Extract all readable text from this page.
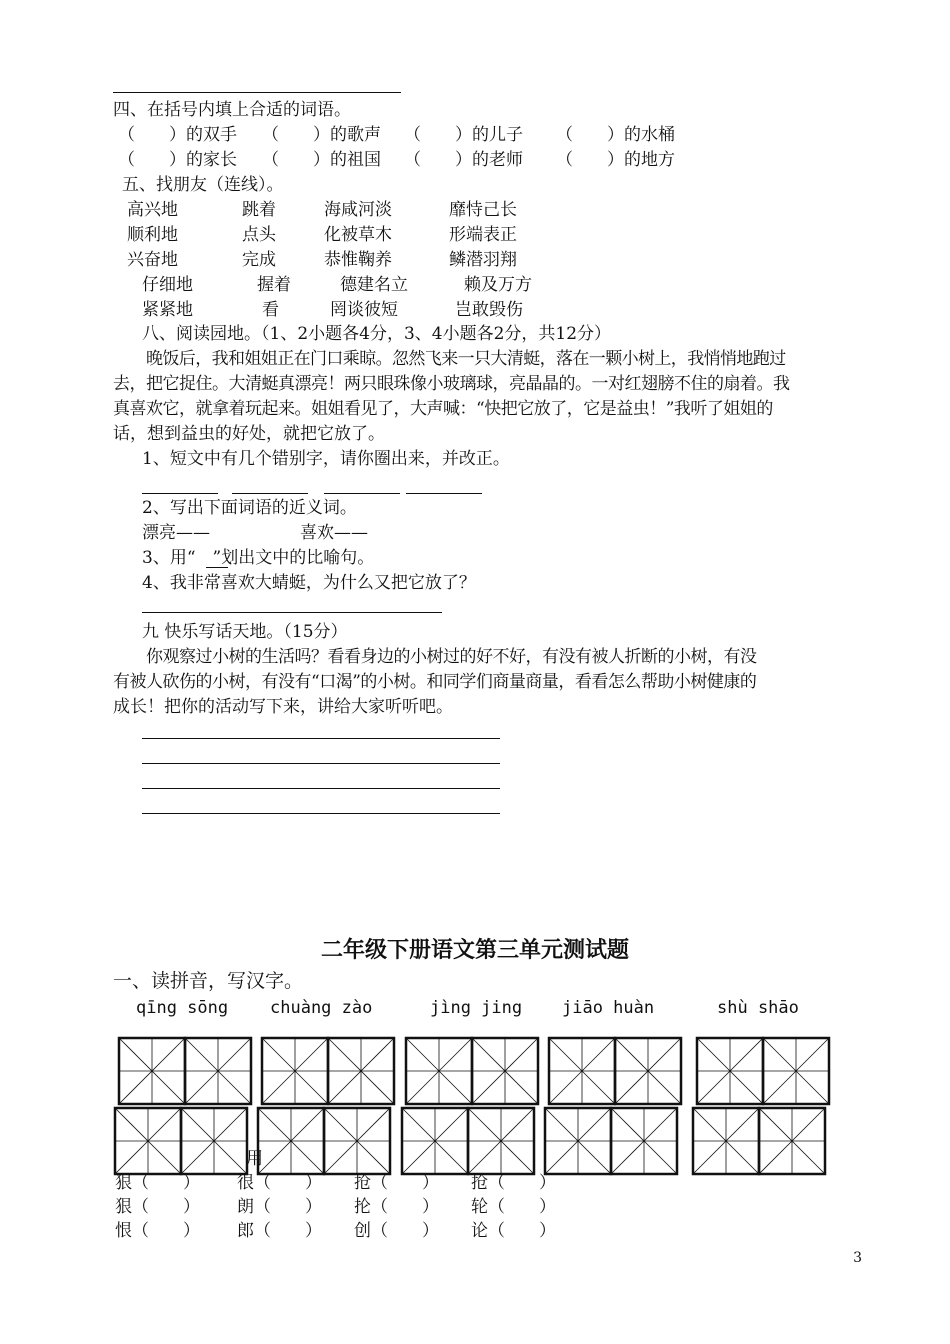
四、在括号内填上合适的词语。
（　　）的双手 （　　）的歌声 （　　）的儿子 （　　）的水桶
（　　）的家长 （　　）的祖国 （　　）的老师 （　　）的地方
五、找朋友（连线）。
高兴地	跳着	海咸河淡	靡恃己长
顺利地	点头	化被草木	形端表正
兴奋地	完成	恭惟鞠养	鳞潜羽翔
仔细地	握着	德建名立	赖及万方
紧紧地	看	罔谈彼短	岂敢毁伤
八、阅读园地。（1、2小题各4分，3、4小题各2分，共12分）
晚饭后，我和姐姐正在门口乘晾。忽然飞来一只大清蜓，落在一颗小树上，我悄悄地跑过
去，把它捉住。大清蜓真漂亮！两只眼珠像小玻璃球，亮晶晶的。一对红翅膀不住的扇着。我
真喜欢它，就拿着玩起来。姐姐看见了，大声喊：“快把它放了，它是益虫！”我听了姐姐的
话，想到益虫的好处，就把它放了。
1、短文中有几个错别字，请你圈出来，并改正。
2、写出下面词语的近义词。
漂亮——	喜欢——
3、用“　”划出文中的比喻句。
4、我非常喜欢大蜻蜓，为什么又把它放了？
九 快乐写话天地。（15分）
你观察过小树的生活吗？看看身边的小树过的好不好，有没有被人折断的小树，有没
有被人砍伤的小树，有没有“口渴”的小树。和同学们商量商量，看看怎么帮助小树健康的
成长！把你的活动写下来，讲给大家听听吧。
二年级下册语文第三单元测试题
一、读拼音，写汉字。
qīng sōng chuàng zào	jìng jing jiāo huàn	shù shāo
用
狠（　　） 很（　　） 抢（　　） 抢（　　）
狠（　　） 朗（　　） 抡（　　） 轮（　　）
恨（　　） 郎（　　） 创（　　） 论（　　）
3
